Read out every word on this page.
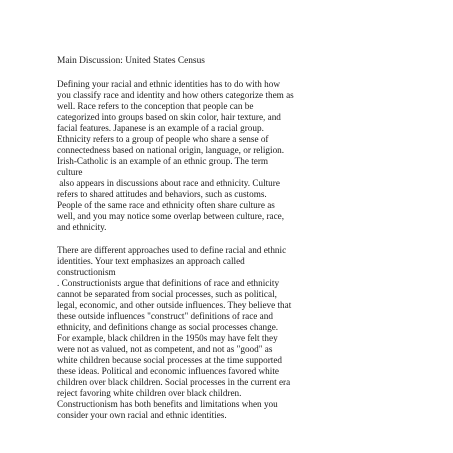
Main Discussion: United States Census
Defining your racial and ethnic identities has to do with how
you classify race and identity and how others categorize them as
well. Race refers to the conception that people can be
categorized into groups based on skin color, hair texture, and
facial features. Japanese is an example of a racial group.
Ethnicity refers to a group of people who share a sense of
connectedness based on national origin, language, or religion.
Irish-Catholic is an example of an ethnic group. The term
culture
also appears in discussions about race and ethnicity. Culture
refers to shared attitudes and behaviors, such as customs.
People of the same race and ethnicity often share culture as
well, and you may notice some overlap between culture, race,
and ethnicity.
There are different approaches used to define racial and ethnic
identities. Your text emphasizes an approach called
constructionism
. Constructionists argue that definitions of race and ethnicity
cannot be separated from social processes, such as political,
legal, economic, and other outside influences. They believe that
these outside influences "construct" definitions of race and
ethnicity, and definitions change as social processes change.
For example, black children in the 1950s may have felt they
were not as valued, not as competent, and not as "good" as
white children because social processes at the time supported
these ideas. Political and economic influences favored white
children over black children. Social processes in the current era
reject favoring white children over black children.
Constructionism has both benefits and limitations when you
consider your own racial and ethnic identities.
